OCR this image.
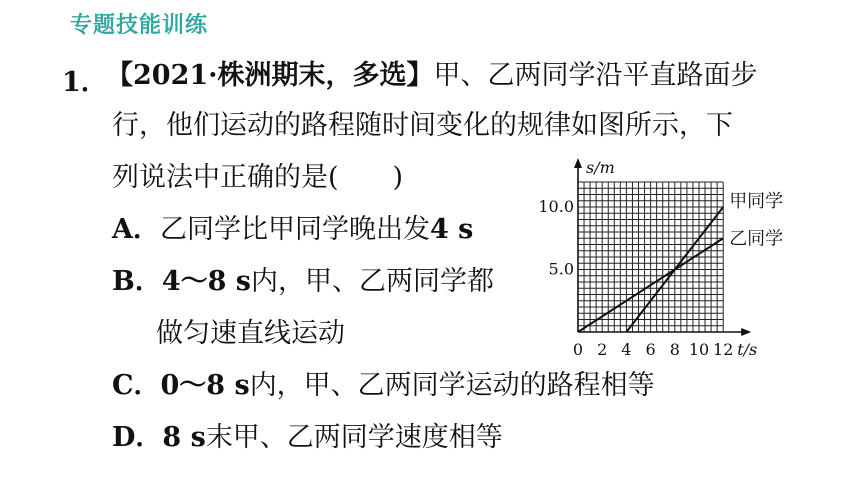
专题技能训练
1．
【2021·株洲期末，多选】甲、乙两同学沿平直路面步
行，他们运动的路程随时间变化的规律如图所示，下
列说法中正确的是(　　)
A．乙同学比甲同学晚出发4 s
B．4～8 s内，甲、乙两同学都
做匀速直线运动
C．0～8 s内，甲、乙两同学运动的路程相等
D．8 s末甲、乙两同学速度相等
s/m
t/s
0 2 4 6 8 10 12
5.0
10.0	甲同学
乙同学
